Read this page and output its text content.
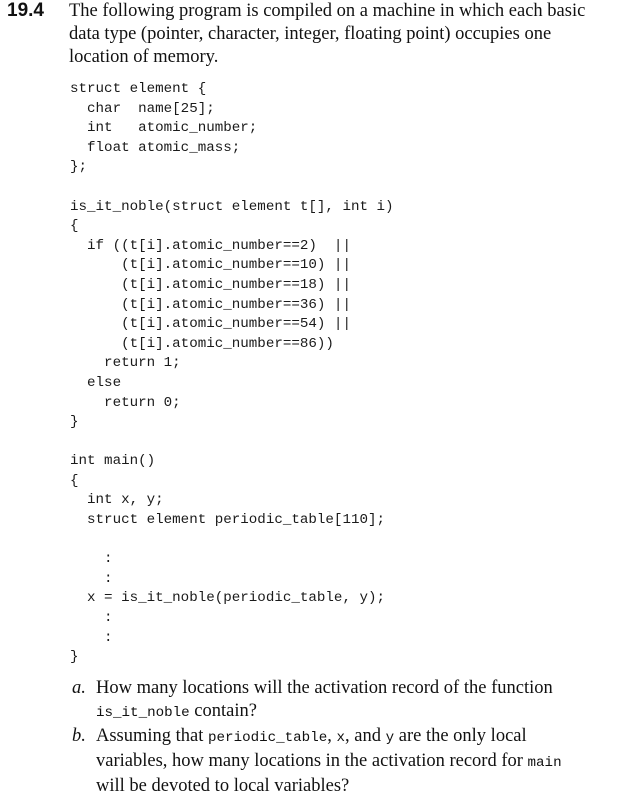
19.4 The following program is compiled on a machine in which each basic
data type (pointer, character, integer, floating point) occupies one
location of memory.
struct element {
char  name[25];
int   atomic_number;
float atomic_mass;
};
is_it_noble(struct element t[], int i)
{
if ((t[i].atomic_number==2)  ||
(t[i].atomic_number==10) ||
(t[i].atomic_number==18) ||
(t[i].atomic_number==36) ||
(t[i].atomic_number==54) ||
(t[i].atomic_number==86))
return 1;
else
return 0;
}
int main()
{
int x, y;
struct element periodic_table[110];
:
:
x = is_it_noble(periodic_table, y);
:
:
}
a. How many locations will the activation record of the function
is_it_noble contain?
b. Assuming that periodic_table, x, and y are the only local
variables, how many locations in the activation record for main
will be devoted to local variables?
